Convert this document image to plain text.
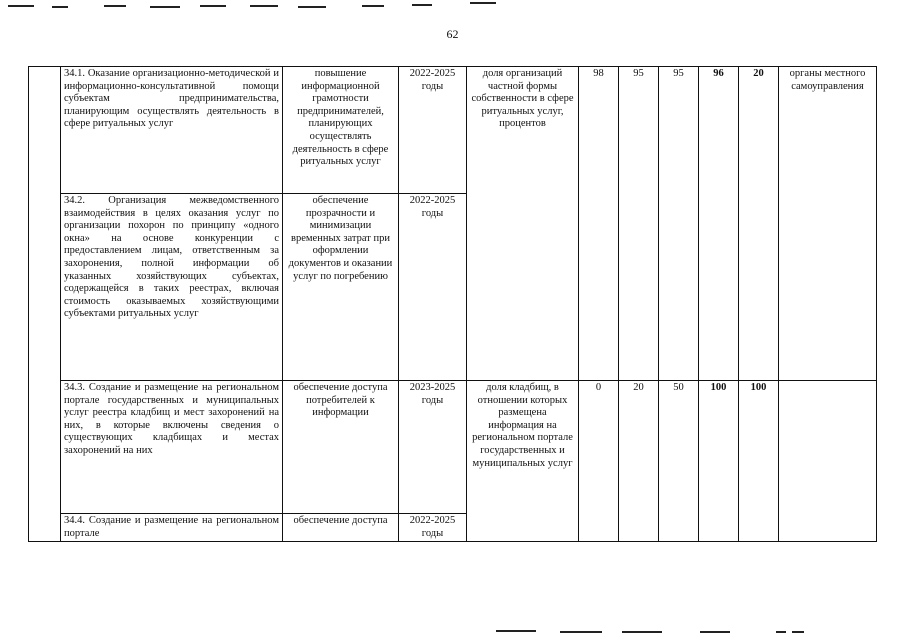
62
	34.1. Оказание организационно-методической и информационно-консультативной помощи субъектам предпринимательства, планирующим осуществлять деятельность в сфере ритуальных услуг	повышение информационной грамотности предпринимателей, планирующих осуществлять деятельность в сфере ритуальных услуг	2022-2025 годы	доля организаций частной формы собственности в сфере ритуальных услуг, процентов	98	95	95	96	20	органы местного самоуправления
	34.2. Организация межведомственного взаимодействия в целях оказания услуг по организации похорон по принципу «одного окна» на основе конкуренции с предоставлением лицам, ответственным за захоронения, полной информации об указанных хозяйствующих субъектах, содержащейся в таких реестрах, включая стоимость оказываемых хозяйствующими субъектами ритуальных услуг	обеспечение прозрачности и минимизации временных затрат при оформлении документов и оказании услуг по погребению	2022-2025 годы							
	34.3. Создание и размещение на региональном портале государственных и муниципальных услуг реестра кладбищ и мест захоронений на них, в которые включены сведения о существующих кладбищах и местах захоронений на них	обеспечение доступа потребителей к информации	2023-2025 годы	доля кладбищ, в отношении которых размещена информация на региональном портале государственных и муниципальных услуг	0	20	50	100	100	
	34.4. Создание и размещение на региональном портале	обеспечение доступа	2022-2025 годы							
